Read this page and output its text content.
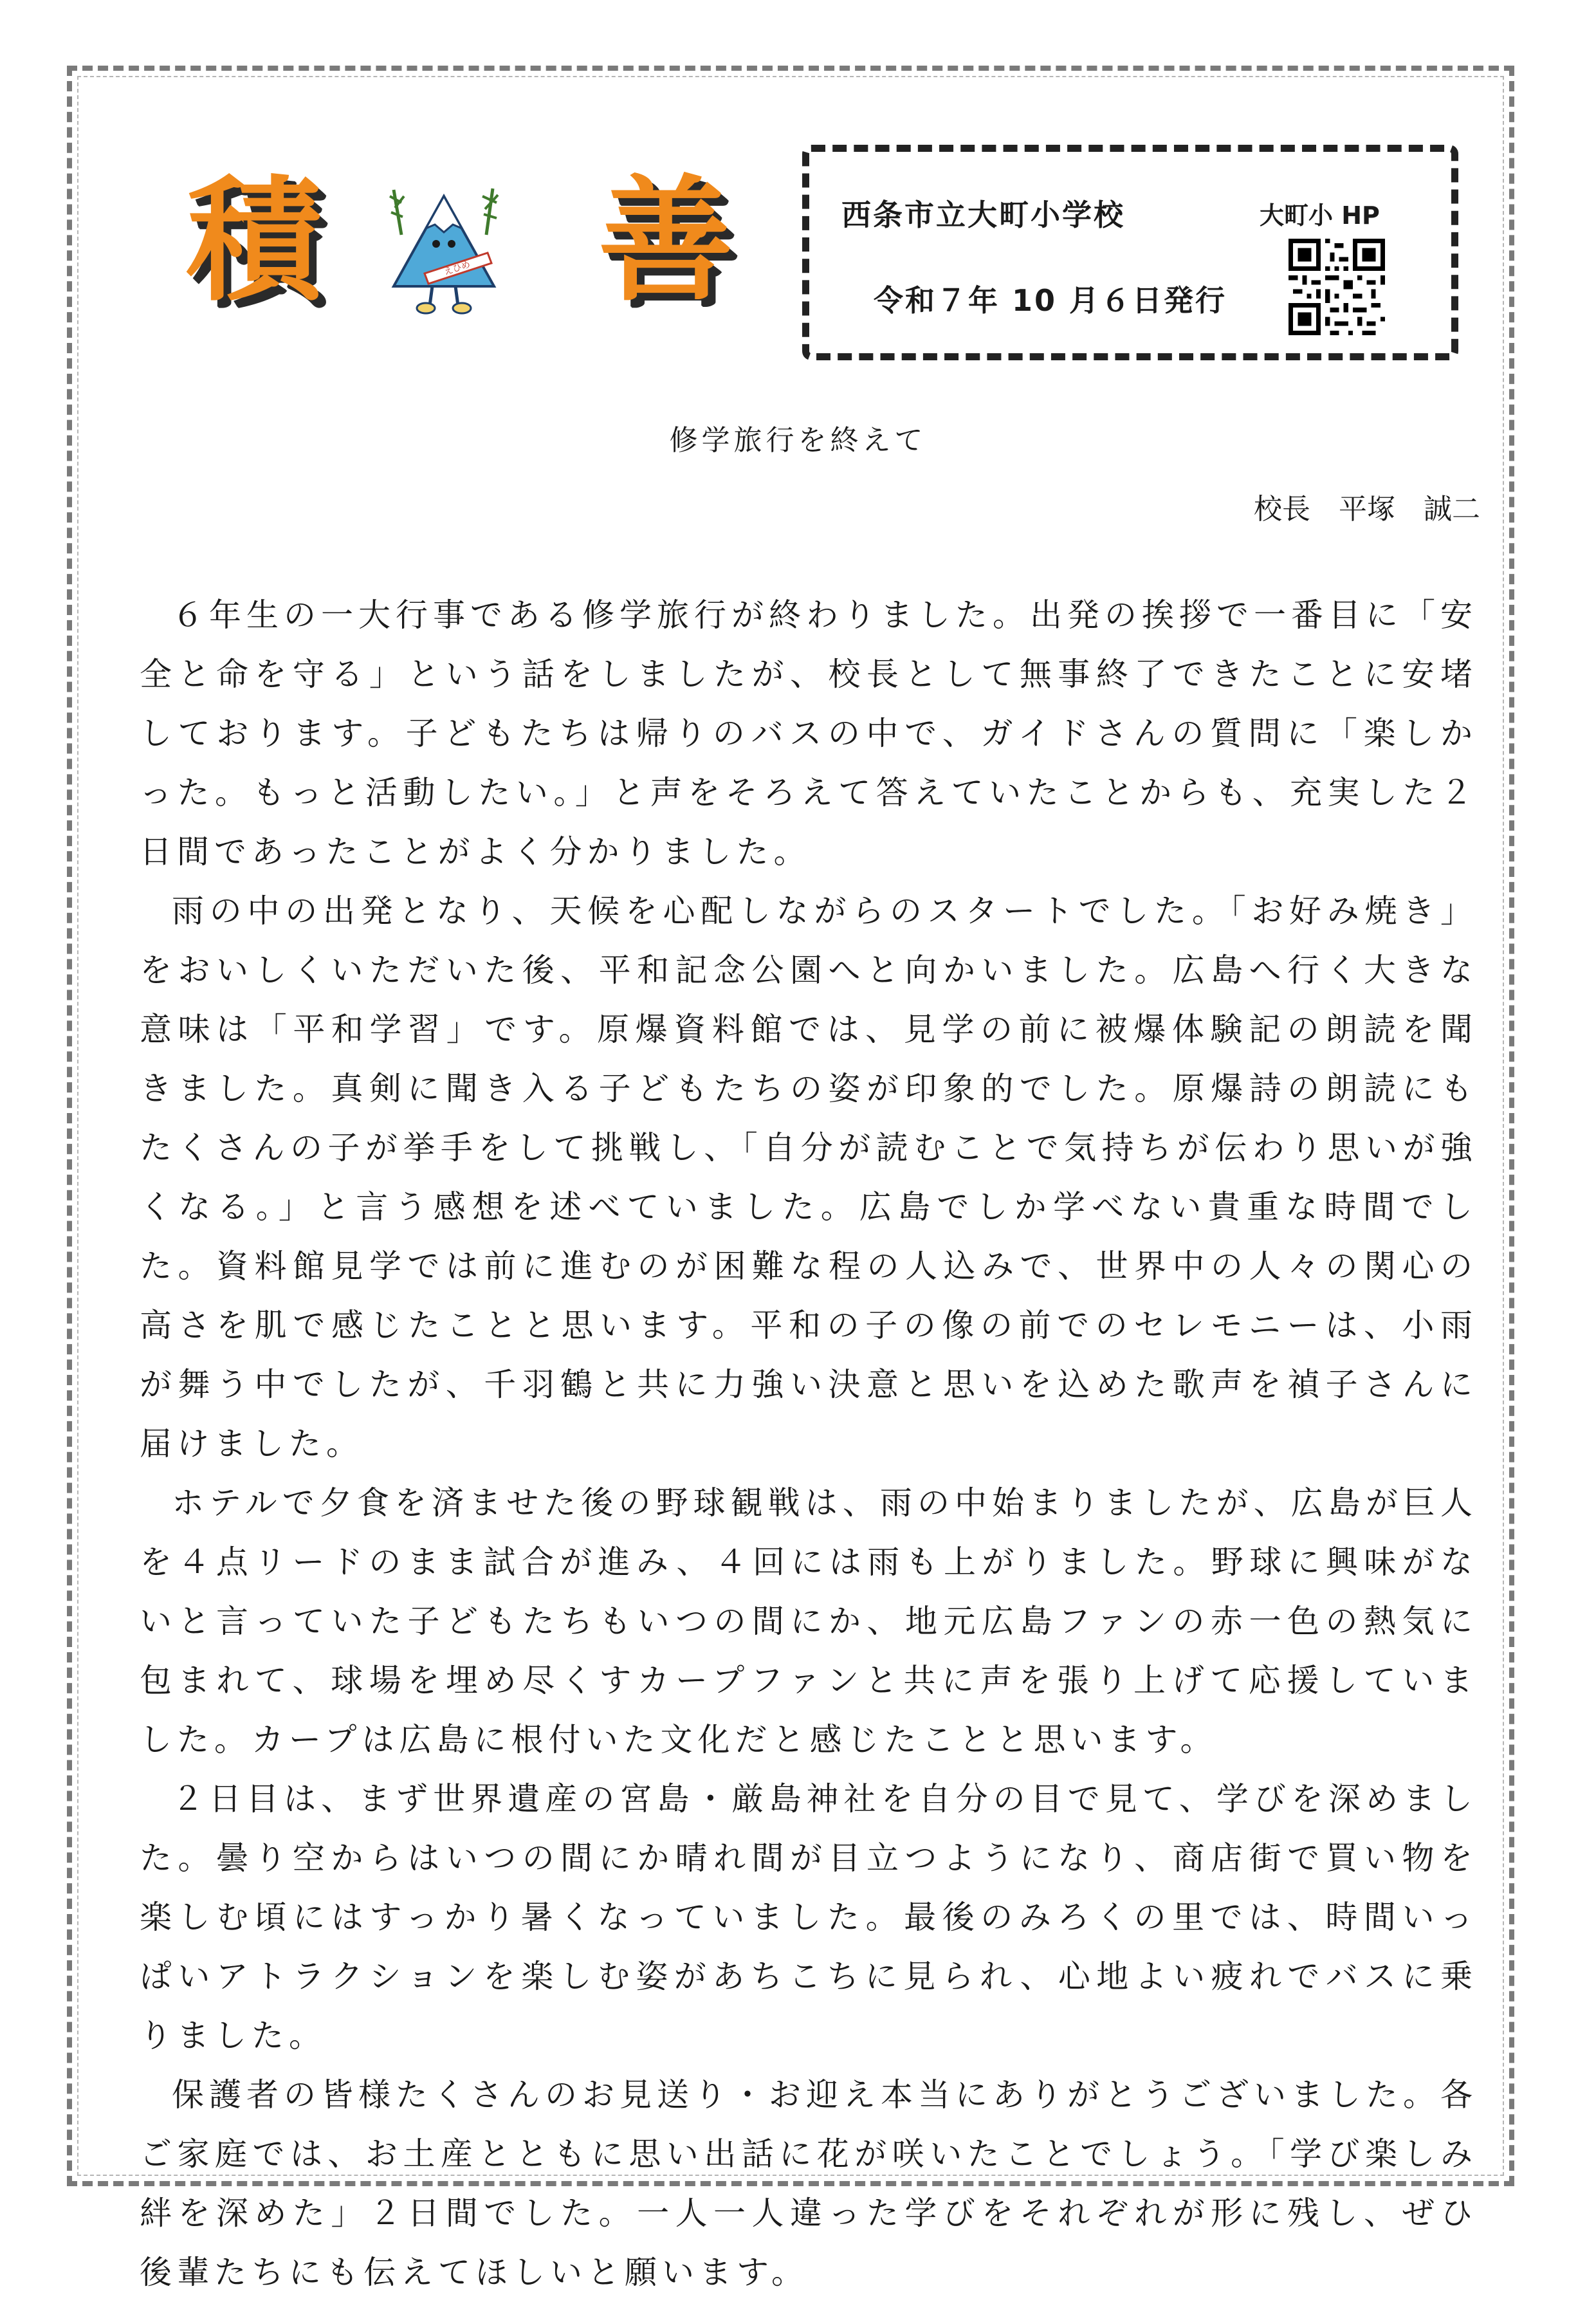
積	えひめ 善	西条市立大町小学校	大町小 HP
令和７年 10 月６日発行
修学旅行を終えて
校長　平塚　誠二

６年生の一大行事である修学旅行が終わりました。出発の挨拶で一番目に「安全と命を守る」という話をしましたが、校長として無事終了できたことに安堵しております。子どもたちは帰りのバスの中で、ガイドさんの質問に「楽しかった。もっと活動したい。」と声をそろえて答えていたことからも、充実した２日間であったことがよく分かりました。

雨の中の出発となり、天候を心配しながらのスタートでした。「お好み焼き」をおいしくいただいた後、平和記念公園へと向かいました。広島へ行く大きな意味は「平和学習」です。原爆資料館では、見学の前に被爆体験記の朗読を聞きました。真剣に聞き入る子どもたちの姿が印象的でした。原爆詩の朗読にもたくさんの子が挙手をして挑戦し、「自分が読むことで気持ちが伝わり思いが強くなる。」と言う感想を述べていました。広島でしか学べない貴重な時間でした。資料館見学では前に進むのが困難な程の人込みで、世界中の人々の関心の高さを肌で感じたことと思います。平和の子の像の前でのセレモニーは、小雨が舞う中でしたが、千羽鶴と共に力強い決意と思いを込めた歌声を禎子さんに届けました。

ホテルで夕食を済ませた後の野球観戦は、雨の中始まりましたが、広島が巨人を４点リードのまま試合が進み、４回には雨も上がりました。野球に興味がないと言っていた子どもたちもいつの間にか、地元広島ファンの赤一色の熱気に包まれて、球場を埋め尽くすカープファンと共に声を張り上げて応援していました。カープは広島に根付いた文化だと感じたことと思います。

２日目は、まず世界遺産の宮島・厳島神社を自分の目で見て、学びを深めました。曇り空からはいつの間にか晴れ間が目立つようになり、商店街で買い物を楽しむ頃にはすっかり暑くなっていました。最後のみろくの里では、時間いっぱいアトラクションを楽しむ姿があちこちに見られ、心地よい疲れでバスに乗りました。

保護者の皆様たくさんのお見送り・お迎え本当にありがとうございました。各ご家庭では、お土産とともに思い出話に花が咲いたことでしょう。「学び楽しみ絆を深めた」２日間でした。一人一人違った学びをそれぞれが形に残し、ぜひ後輩たちにも伝えてほしいと願います。
